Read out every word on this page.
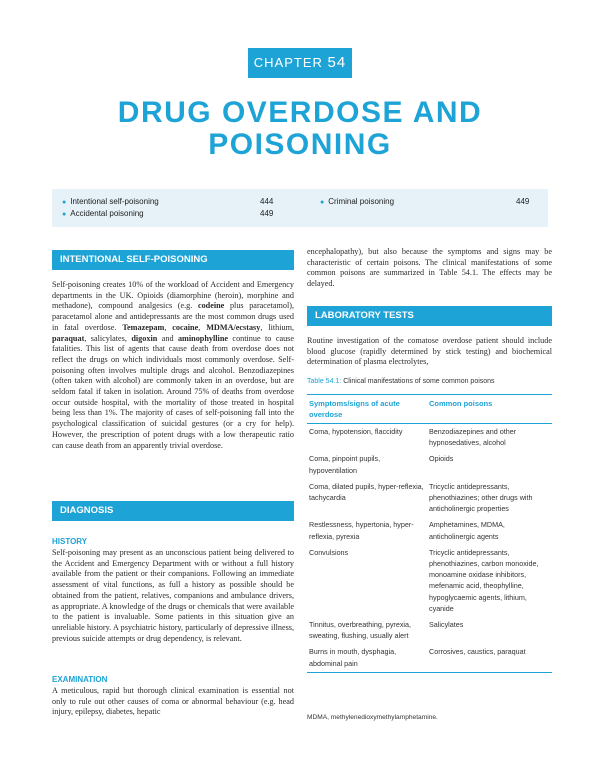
CHAPTER 54
DRUG OVERDOSE AND
POISONING
● Intentional self-poisoning	444
● Accidental poisoning	449
● Criminal poisoning	449
INTENTIONAL SELF-POISONING

Self-poisoning creates 10% of the workload of Accident and Emergency departments in the UK. Opioids (diamorphine (heroin), morphine and methadone), compound analgesics (e.g. codeine plus paracetamol), paracetamol alone and antidepressants are the most common drugs used in fatal overdose. Temazepam, cocaine, MDMA/ecstasy, lithium, paraquat, salicylates, digoxin and aminophylline continue to cause fatalities. This list of agents that cause death from overdose does not reflect the drugs on which individuals most commonly overdose. Self-poisoning often involves multiple drugs and alcohol. Benzodiazepines (often taken with alcohol) are commonly taken in an overdose, but are seldom fatal if taken in isolation. Around 75% of deaths from overdose occur outside hospital, with the mortality of those treated in hospital being less than 1%. The majority of cases of self-poisoning fall into the psychological classification of suicidal gestures (or a cry for help). However, the prescription of potent drugs with a low therapeutic ratio can cause death from an apparently trivial overdose.

DIAGNOSIS
HISTORY

Self-poisoning may present as an unconscious patient being delivered to the Accident and Emergency Department with or without a full history available from the patient or their companions. Following an immediate assessment of vital functions, as full a history as possible should be obtained from the patient, relatives, companions and ambulance drivers, as appropriate. A knowledge of the drugs or chemicals that were available to the patient is invaluable. Some patients in this situation give an unreliable history. A psychiatric history, particularly of depressive illness, previous suicide attempts or drug dependency, is relevant.

EXAMINATION

A meticulous, rapid but thorough clinical examination is essential not only to rule out other causes of coma or abnormal behaviour (e.g. head injury, epilepsy, diabetes, hepatic

encephalopathy), but also because the symptoms and signs may be characteristic of certain poisons. The clinical manifestations of some common poisons are summarized in Table 54.1. The effects may be delayed.

LABORATORY TESTS

Routine investigation of the comatose overdose patient should include blood glucose (rapidly determined by stick testing) and biochemical determination of plasma electrolytes,

Table 54.1: Clinical manifestations of some common poisons
Symptoms/signs of acute overdose	Common poisons
Coma, hypotension, flaccidity	Benzodiazepines and other hypnosedatives, alcohol
Coma, pinpoint pupils, hypoventilation	Opioids
Coma, dilated pupils, hyper-reflexia, tachycardia	Tricyclic antidepressants, phenothiazines; other drugs with anticholinergic properties
Restlessness, hypertonia, hyper-reflexia, pyrexia	Amphetamines, MDMA, anticholinergic agents
Convulsions	Tricyclic antidepressants, phenothiazines, carbon monoxide, monoamine oxidase inhibitors, mefenamic acid, theophylline, hypoglycaemic agents, lithium, cyanide
Tinnitus, overbreathing, pyrexia, sweating, flushing, usually alert	Salicylates
Burns in mouth, dysphagia, abdominal pain	Corrosives, caustics, paraquat
MDMA, methylenedioxymethylamphetamine.
